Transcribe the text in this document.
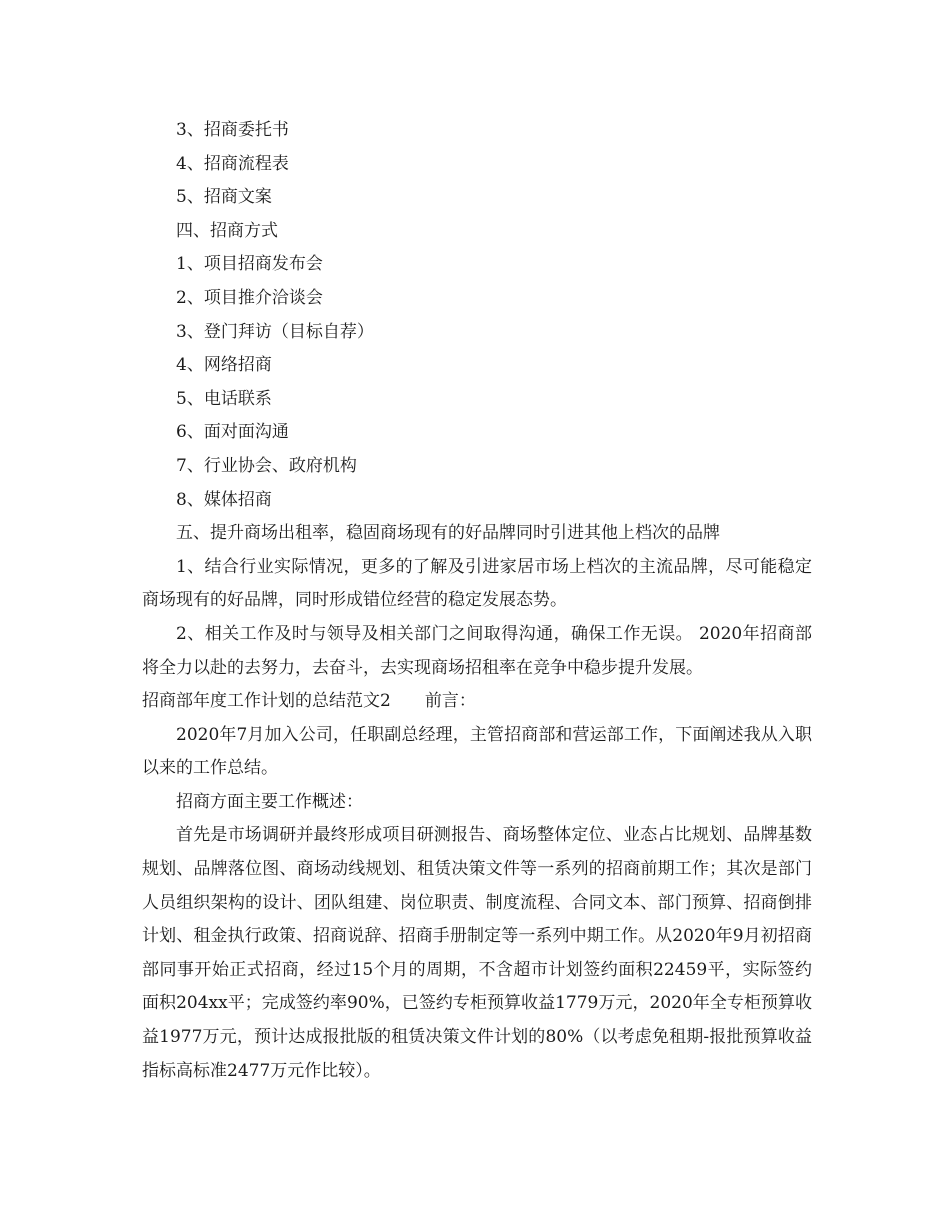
3、招商委托书

4、招商流程表

5、招商文案

四、招商方式

1、项目招商发布会

2、项目推介洽谈会

3、登门拜访（目标自荐）

4、网络招商

5、电话联系

6、面对面沟通

7、行业协会、政府机构

8、媒体招商

五、提升商场出租率，稳固商场现有的好品牌同时引进其他上档次的品牌

1、结合行业实际情况，更多的了解及引进家居市场上档次的主流品牌，尽可能稳定商场现有的好品牌，同时形成错位经营的稳定发展态势。

2、相关工作及时与领导及相关部门之间取得沟通，确保工作无误。 2020年招商部将全力以赴的去努力，去奋斗，去实现商场招租率在竞争中稳步提升发展。

招商部年度工作计划的总结范文2 前言：

2020年7月加入公司，任职副总经理，主管招商部和营运部工作，下面阐述我从入职以来的工作总结。

招商方面主要工作概述：

首先是市场调研并最终形成项目研测报告、商场整体定位、业态占比规划、品牌基数规划、品牌落位图、商场动线规划、租赁决策文件等一系列的招商前期工作；其次是部门人员组织架构的设计、团队组建、岗位职责、制度流程、合同文本、部门预算、招商倒排计划、租金执行政策、招商说辞、招商手册制定等一系列中期工作。从2020年9月初招商部同事开始正式招商，经过15个月的周期，不含超市计划签约面积22459平，实际签约面积204xx平；完成签约率90%，已签约专柜预算收益1779万元，2020年全专柜预算收益1977万元，预计达成报批版的租赁决策文件计划的80%（以考虑免租期-报批预算收益指标高标准2477万元作比较）。
